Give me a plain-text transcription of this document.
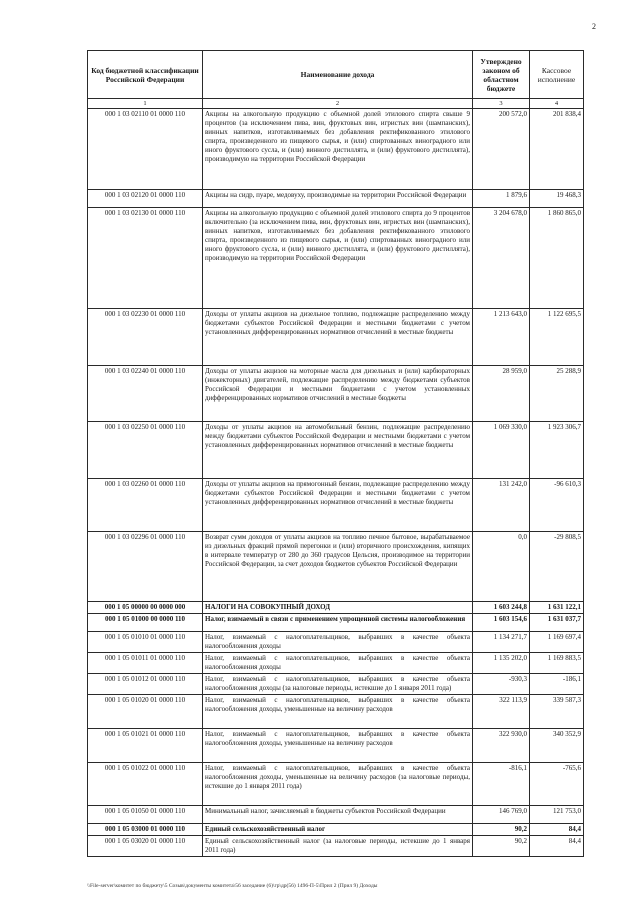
2
Код бюджетной классификации Российской Федерации	Наименование дохода	Утверждено законом об областном бюджете	Кассовое исполнение
1	2	3	4
000 1 03 02110 01 0000 110	Акцизы на алкогольную продукцию с объемной долей этилового спирта свыше 9 процентов (за исключением пива, вин, фруктовых вин, игристых вин (шампанских), винных напитков, изготавливаемых без добавления ректификованного этилового спирта, произведенного из пищевого сырья, и (или) спиртованных виноградного или иного фруктового сусла, и (или) винного дистиллята, и (или) фруктового дистиллята), производимую на территории Российской Федерации	200 572,0	201 838,4
000 1 03 02120 01 0000 110	Акцизы на сидр, пуаре, медовуху, производимые на территории Российской Федерации	1 879,6	19 468,3
000 1 03 02130 01 0000 110	Акцизы на алкогольную продукцию с объемной долей этилового спирта до 9 процентов включительно (за исключением пива, вин, фруктовых вин, игристых вин (шампанских), винных напитков, изготавливаемых без добавления ректификованного этилового спирта, произведенного из пищевого сырья, и (или) спиртованных виноградного или иного фруктового сусла, и (или) винного дистиллята, и (или) фруктового дистиллята), производимую на территории Российской Федерации	3 204 678,0	1 860 865,0
000 1 03 02230 01 0000 110	Доходы от уплаты акцизов на дизельное топливо, подлежащие распределению между бюджетами субъектов Российской Федерации и местными бюджетами с учетом установленных дифференцированных нормативов отчислений в местные бюджеты	1 213 643,0	1 122 695,5
000 1 03 02240 01 0000 110	Доходы от уплаты акцизов на моторные масла для дизельных и (или) карбюраторных (инжекторных) двигателей, подлежащие распределению между бюджетами субъектов Российской Федерации и местными бюджетами с учетом установленных дифференцированных нормативов отчислений в местные бюджеты	28 959,0	25 288,9
000 1 03 02250 01 0000 110	Доходы от уплаты акцизов на автомобильный бензин, подлежащие распределению между бюджетами субъектов Российской Федерации и местными бюджетами с учетом установленных дифференцированных нормативов отчислений в местные бюджеты	1 069 330,0	1 923 306,7
000 1 03 02260 01 0000 110	Доходы от уплаты акцизов на прямогонный бензин, подлежащие распределению между бюджетами субъектов Российской Федерации и местными бюджетами с учетом установленных дифференцированных нормативов отчислений в местные бюджеты	131 242,0	-96 610,3
000 1 03 02296 01 0000 110	Возврат сумм доходов от уплаты акцизов на топливо печное бытовое, вырабатываемое из дизельных фракций прямой перегонки и (или) вторичного происхождения, кипящих в интервале температур от 280 до 360 градусов Цельсия, производимое на территории Российской Федерации, за счет доходов бюджетов субъектов Российской Федерации	0,0	-29 808,5
000 1 05 00000 00 0000 000	НАЛОГИ НА СОВОКУПНЫЙ ДОХОД	1 603 244,8	1 631 122,1
000 1 05 01000 00 0000 110	Налог, взимаемый в связи с применением упрощенной системы налогообложения	1 603 154,6	1 631 037,7
000 1 05 01010 01 0000 110	Налог, взимаемый с налогоплательщиков, выбравших в качестве объекта налогообложения доходы	1 134 271,7	1 169 697,4
000 1 05 01011 01 0000 110	Налог, взимаемый с налогоплательщиков, выбравших в качестве объекта налогообложения доходы	1 135 202,0	1 169 883,5
000 1 05 01012 01 0000 110	Налог, взимаемый с налогоплательщиков, выбравших в качестве объекта налогообложения доходы (за налоговые периоды, истекшие до 1 января 2011 года)	-930,3	-186,1
000 1 05 01020 01 0000 110	Налог, взимаемый с налогоплательщиков, выбравших в качестве объекта налогообложения доходы, уменьшенные на величину расходов	322 113,9	339 587,3
000 1 05 01021 01 0000 110	Налог, взимаемый с налогоплательщиков, выбравших в качестве объекта налогообложения доходы, уменьшенные на величину расходов	322 930,0	340 352,9
000 1 05 01022 01 0000 110	Налог, взимаемый с налогоплательщиков, выбравших в качестве объекта налогообложения доходы, уменьшенные на величину расходов (за налоговые периоды, истекшие до 1 января 2011 года)	-816,1	-765,6
000 1 05 01050 01 0000 110	Минимальный налог, зачисляемый в бюджеты субъектов Российской Федерации	146 769,0	121 753,0
000 1 05 03000 01 0000 110	Единый сельскохозяйственный налог	90,2	84,4
000 1 05 03020 01 0000 110	Единый сельскохозяйственный налог (за налоговые периоды, истекшие до 1 января 2011 года)	90,2	84,4
\\File-server\комитет по бюджету\5 Созыв\документы комитета\56 заседание (6)\гр\др(56) 1496-П-5\Прил 2 (Прил 9) Доходы
